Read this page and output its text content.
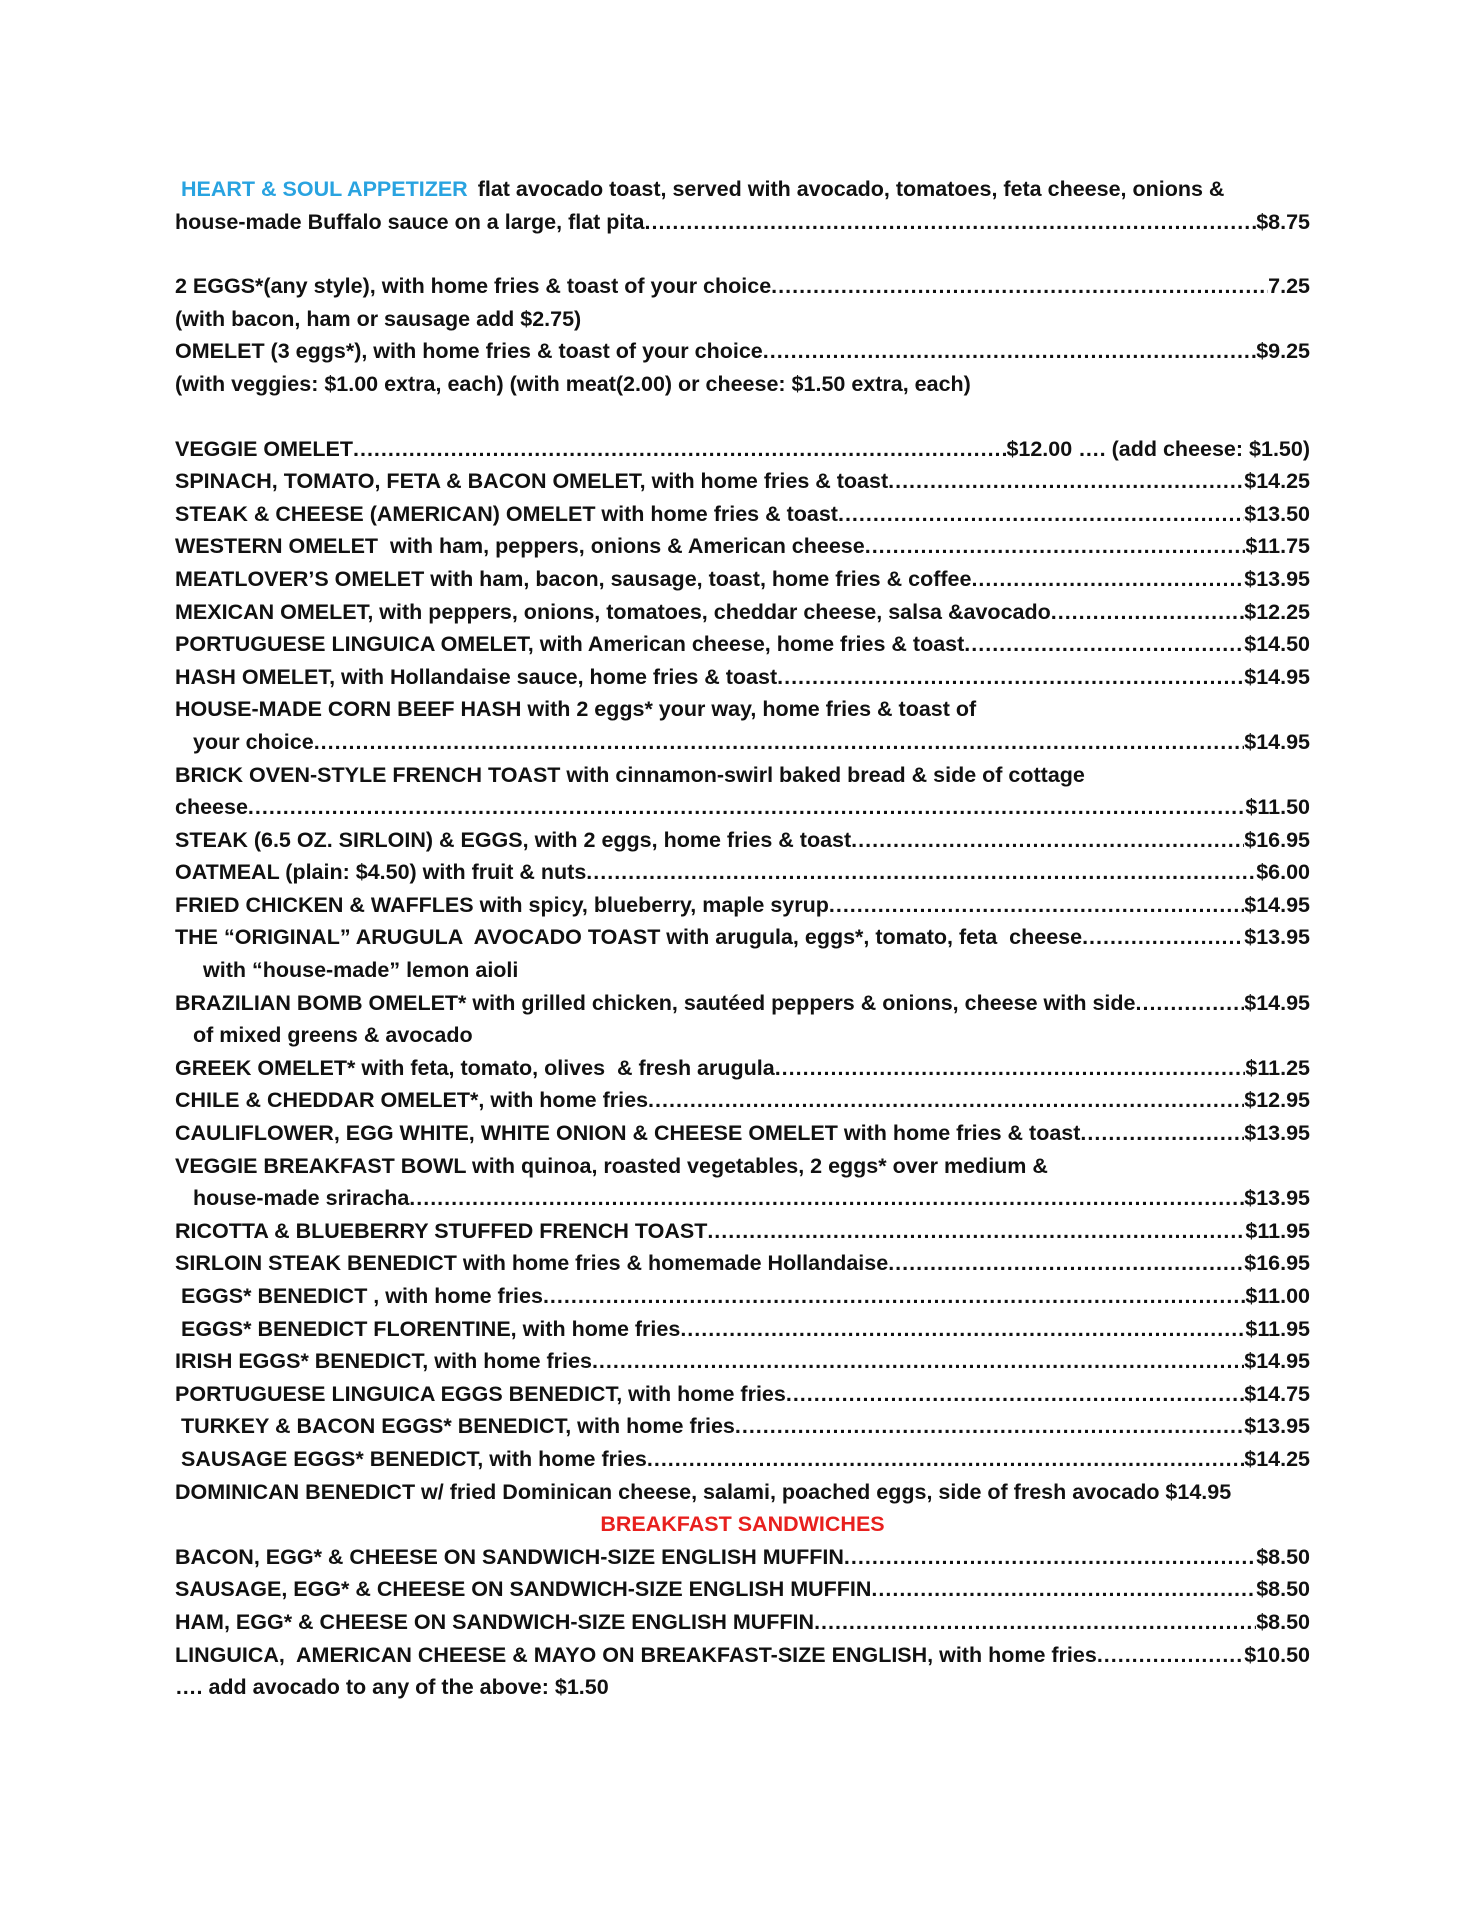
HEART & SOUL APPETIZER flat avocado toast, served with avocado, tomatoes, feta cheese, onions &
house-made Buffalo sauce on a large, flat pita .....	$8.75
2 EGGS*(any style), with home fries & toast of your choice .....	7.25
(with bacon, ham or sausage add $2.75)
OMELET (3 eggs*), with home fries & toast of your choice .....	$9.25
(with veggies: $1.00 extra, each) (with meat(2.00) or cheese: $1.50 extra, each)
VEGGIE OMELET .....	$12.00 …. (add cheese: $1.50)
SPINACH, TOMATO, FETA & BACON OMELET, with home fries & toast .....	$14.25
STEAK & CHEESE (AMERICAN) OMELET with home fries & toast .....	$13.50
WESTERN OMELET  with ham, peppers, onions & American cheese .....	$11.75
MEATLOVER’S OMELET with ham, bacon, sausage, toast, home fries & coffee .....	$13.95
MEXICAN OMELET, with peppers, onions, tomatoes, cheddar cheese, salsa &avocado .....	$12.25
PORTUGUESE LINGUICA OMELET, with American cheese, home fries & toast .....	$14.50
HASH OMELET, with Hollandaise sauce, home fries & toast .....	$14.95
HOUSE-MADE CORN BEEF HASH with 2 eggs* your way, home fries & toast of
your choice .....	$14.95
BRICK OVEN-STYLE FRENCH TOAST with cinnamon-swirl baked bread & side of cottage
cheese .....	$11.50
STEAK (6.5 OZ. SIRLOIN) & EGGS, with 2 eggs, home fries & toast .....	$16.95
OATMEAL (plain: $4.50) with fruit & nuts .....	$6.00
FRIED CHICKEN & WAFFLES with spicy, blueberry, maple syrup .....	$14.95
THE “ORIGINAL” ARUGULA  AVOCADO TOAST with arugula, eggs*, tomato, feta  cheese .....	$13.95
with “house-made” lemon aioli
BRAZILIAN BOMB OMELET* with grilled chicken, sautéed peppers & onions, cheese with side .....	$14.95
of mixed greens & avocado
GREEK OMELET* with feta, tomato, olives  & fresh arugula .....	$11.25
CHILE & CHEDDAR OMELET*, with home fries .....	$12.95
CAULIFLOWER, EGG WHITE, WHITE ONION & CHEESE OMELET with home fries & toast .....	$13.95
VEGGIE BREAKFAST BOWL with quinoa, roasted vegetables, 2 eggs* over medium &
house-made sriracha .....	$13.95
RICOTTA & BLUEBERRY STUFFED FRENCH TOAST .....	$11.95
SIRLOIN STEAK BENEDICT with home fries & homemade Hollandaise .....	$16.95
EGGS* BENEDICT , with home fries .....	$11.00
EGGS* BENEDICT FLORENTINE, with home fries .....	$11.95
IRISH EGGS* BENEDICT, with home fries .....	$14.95
PORTUGUESE LINGUICA EGGS BENEDICT, with home fries .....	$14.75
TURKEY & BACON EGGS* BENEDICT, with home fries .....	$13.95
SAUSAGE EGGS* BENEDICT, with home fries .....	$14.25
DOMINICAN BENEDICT w/ fried Dominican cheese, salami, poached eggs, side of fresh avocado $14.95
BREAKFAST SANDWICHES
BACON, EGG* & CHEESE ON SANDWICH-SIZE ENGLISH MUFFIN .....	$8.50
SAUSAGE, EGG* & CHEESE ON SANDWICH-SIZE ENGLISH MUFFIN .....	$8.50
HAM, EGG* & CHEESE ON SANDWICH-SIZE ENGLISH MUFFIN .....	$8.50
LINGUICA,  AMERICAN CHEESE & MAYO ON BREAKFAST-SIZE ENGLISH, with home fries .....	$10.50
…. add avocado to any of the above: $1.50
